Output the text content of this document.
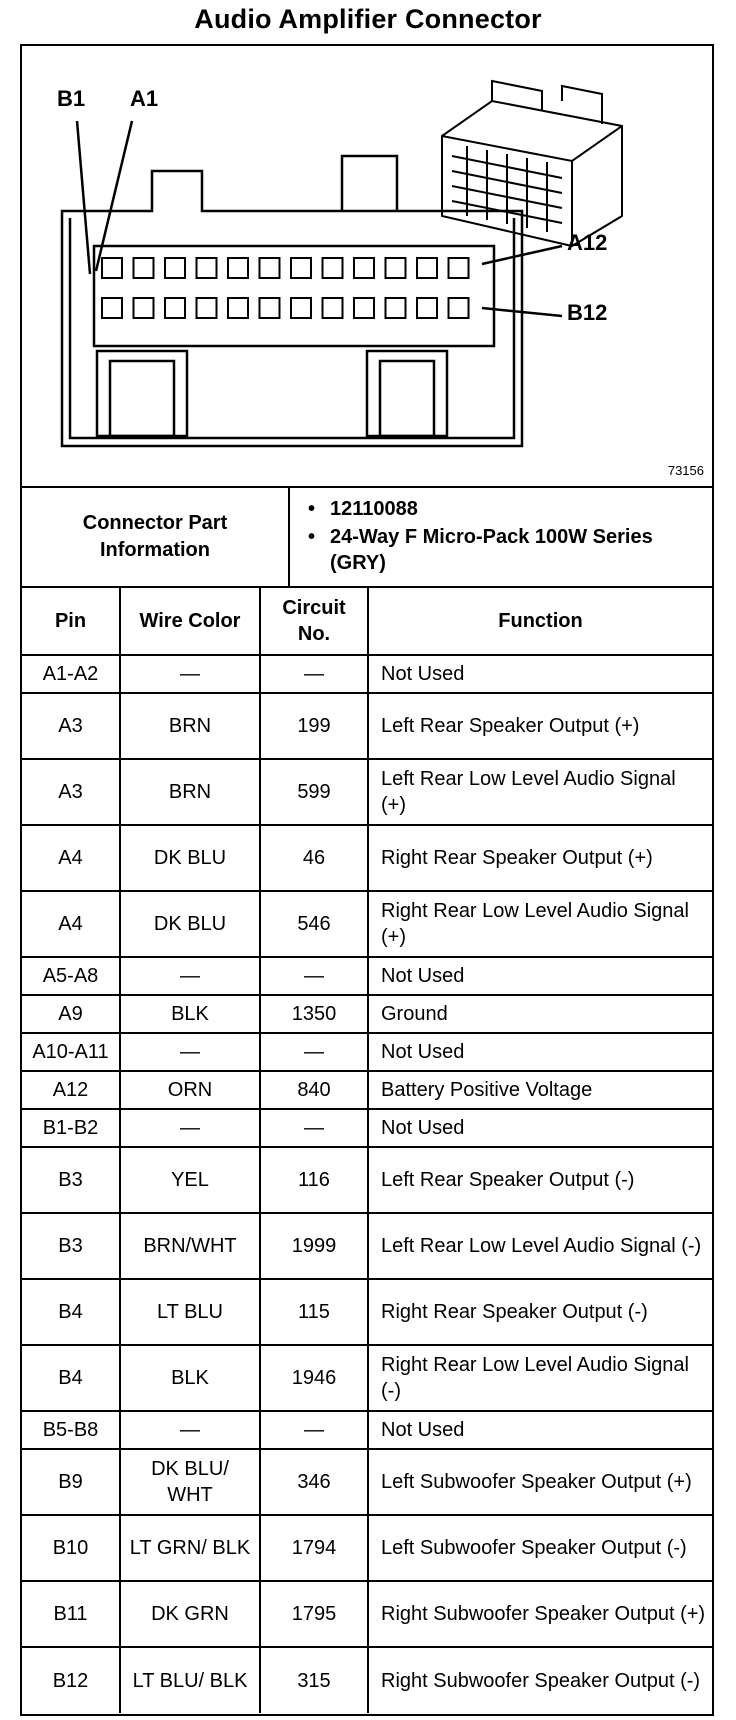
Audio Amplifier Connector
B1 A1
A12
B12
73156
Connector Part Information
• 12110088
• 24-Way F Micro-Pack 100W Series (GRY)
Pin	Wire Color	Circuit No.	Function
A1-A2	—	—	Not Used
A3	BRN	199	Left Rear Speaker Output (+)
A3	BRN	599	Left Rear Low Level Audio Signal (+)
A4	DK BLU	46	Right Rear Speaker Output (+)
A4	DK BLU	546	Right Rear Low Level Audio Signal (+)
A5-A8	—	—	Not Used
A9	BLK	1350	Ground
A10-A11	—	—	Not Used
A12	ORN	840	Battery Positive Voltage
B1-B2	—	—	Not Used
B3	YEL	116	Left Rear Speaker Output (-)
B3	BRN/WHT	1999	Left Rear Low Level Audio Signal (-)
B4	LT BLU	115	Right Rear Speaker Output (-)
B4	BLK	1946	Right Rear Low Level Audio Signal (-)
B5-B8	—	—	Not Used
B9	DK BLU/ WHT	346	Left Subwoofer Speaker Output (+)
B10	LT GRN/ BLK	1794	Left Subwoofer Speaker Output (-)
B11	DK GRN	1795	Right Subwoofer Speaker Output (+)
B12	LT BLU/ BLK	315	Right Subwoofer Speaker Output (-)
